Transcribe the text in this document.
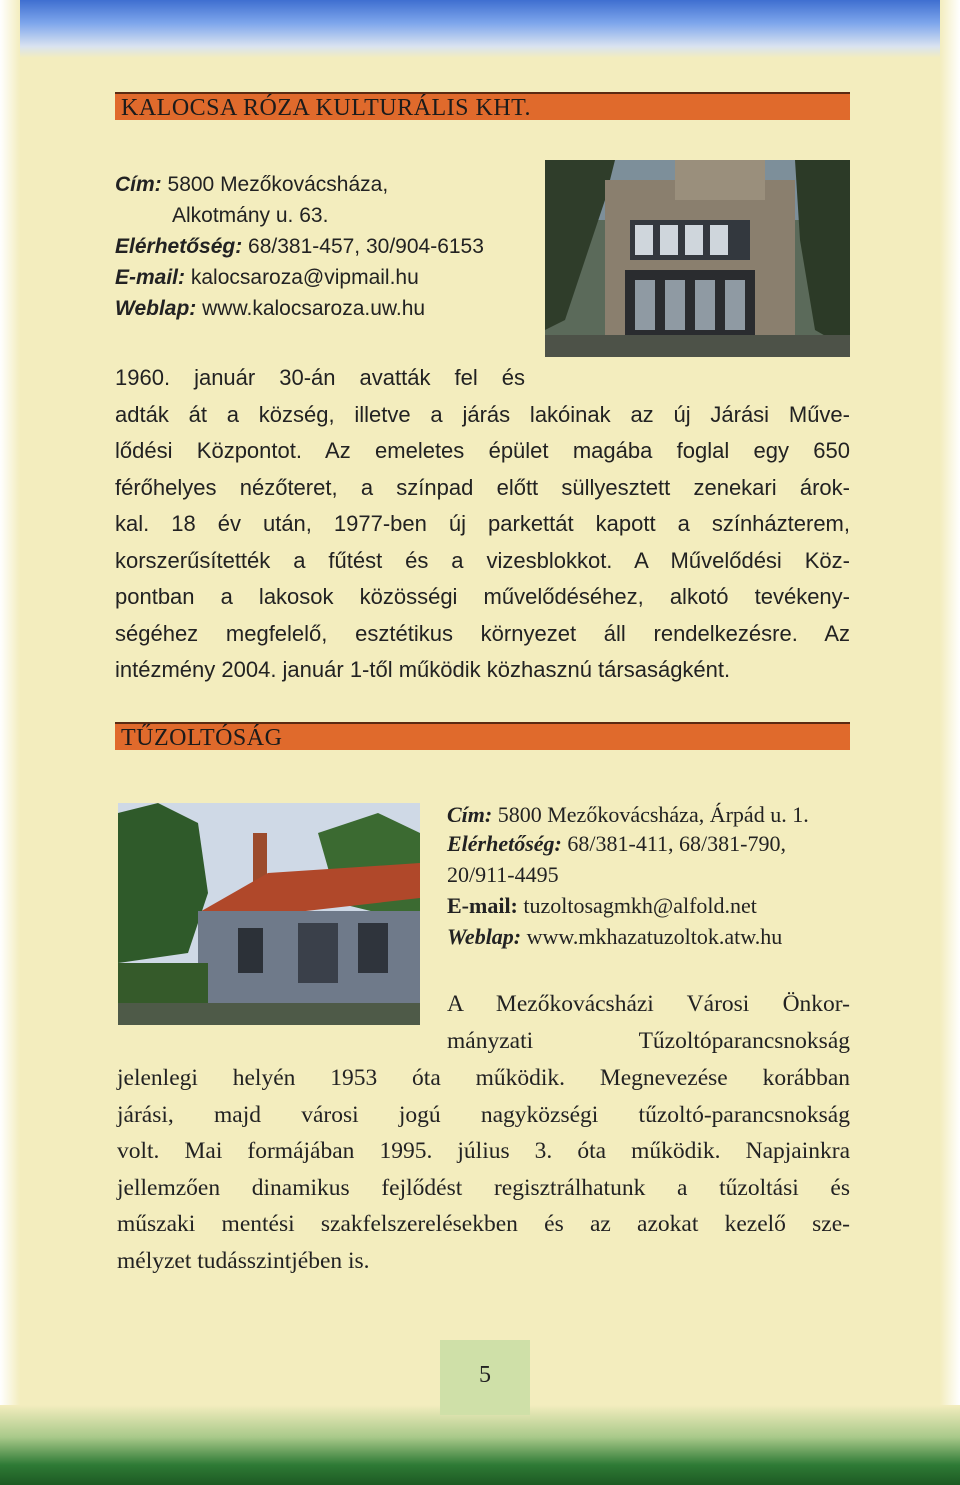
KALOCSA RÓZA KULTURÁLIS KHT.
Cím: 5800 Mezőkovácsháza,
Alkotmány u. 63.
Elérhetőség: 68/381-457, 30/904-6153
E-mail: kalocsaroza@vipmail.hu
Weblap: www.kalocsaroza.uw.hu
1960. január 30-án avatták fel és
adták át a község, illetve a járás lakóinak az új Járási Műve-
lődési Központot. Az emeletes épület magába foglal egy 650
férőhelyes nézőteret, a színpad előtt süllyesztett zenekari árok-
kal. 18 év után, 1977-ben új parkettát kapott a színházterem,
korszerűsítették a fűtést és a vizesblokkot. A Művelődési Köz-
pontban a lakosok közösségi művelődéséhez, alkotó tevékeny-
ségéhez megfelelő, esztétikus környezet áll rendelkezésre. Az
intézmény 2004. január 1-től működik közhasznú társaságként.
TŰZOLTÓSÁG
Cím: 5800 Mezőkovácsháza, Árpád u. 1.
Elérhetőség: 68/381-411, 68/381-790,
20/911-4495
E-mail: tuzoltosagmkh@alfold.net
Weblap: www.mkhazatuzoltok.atw.hu
A Mezőkovácsházi Városi Önkor-
mányzati Tűzoltóparancsnokság
jelenlegi helyén 1953 óta működik. Megnevezése korábban
járási, majd városi jogú nagyközségi tűzoltó-parancsnokság
volt. Mai formájában 1995. július 3. óta működik. Napjainkra
jellemzően dinamikus fejlődést regisztrálhatunk a tűzoltási és
műszaki mentési szakfelszerelésekben és az azokat kezelő sze-
mélyzet tudásszintjében is.
5
